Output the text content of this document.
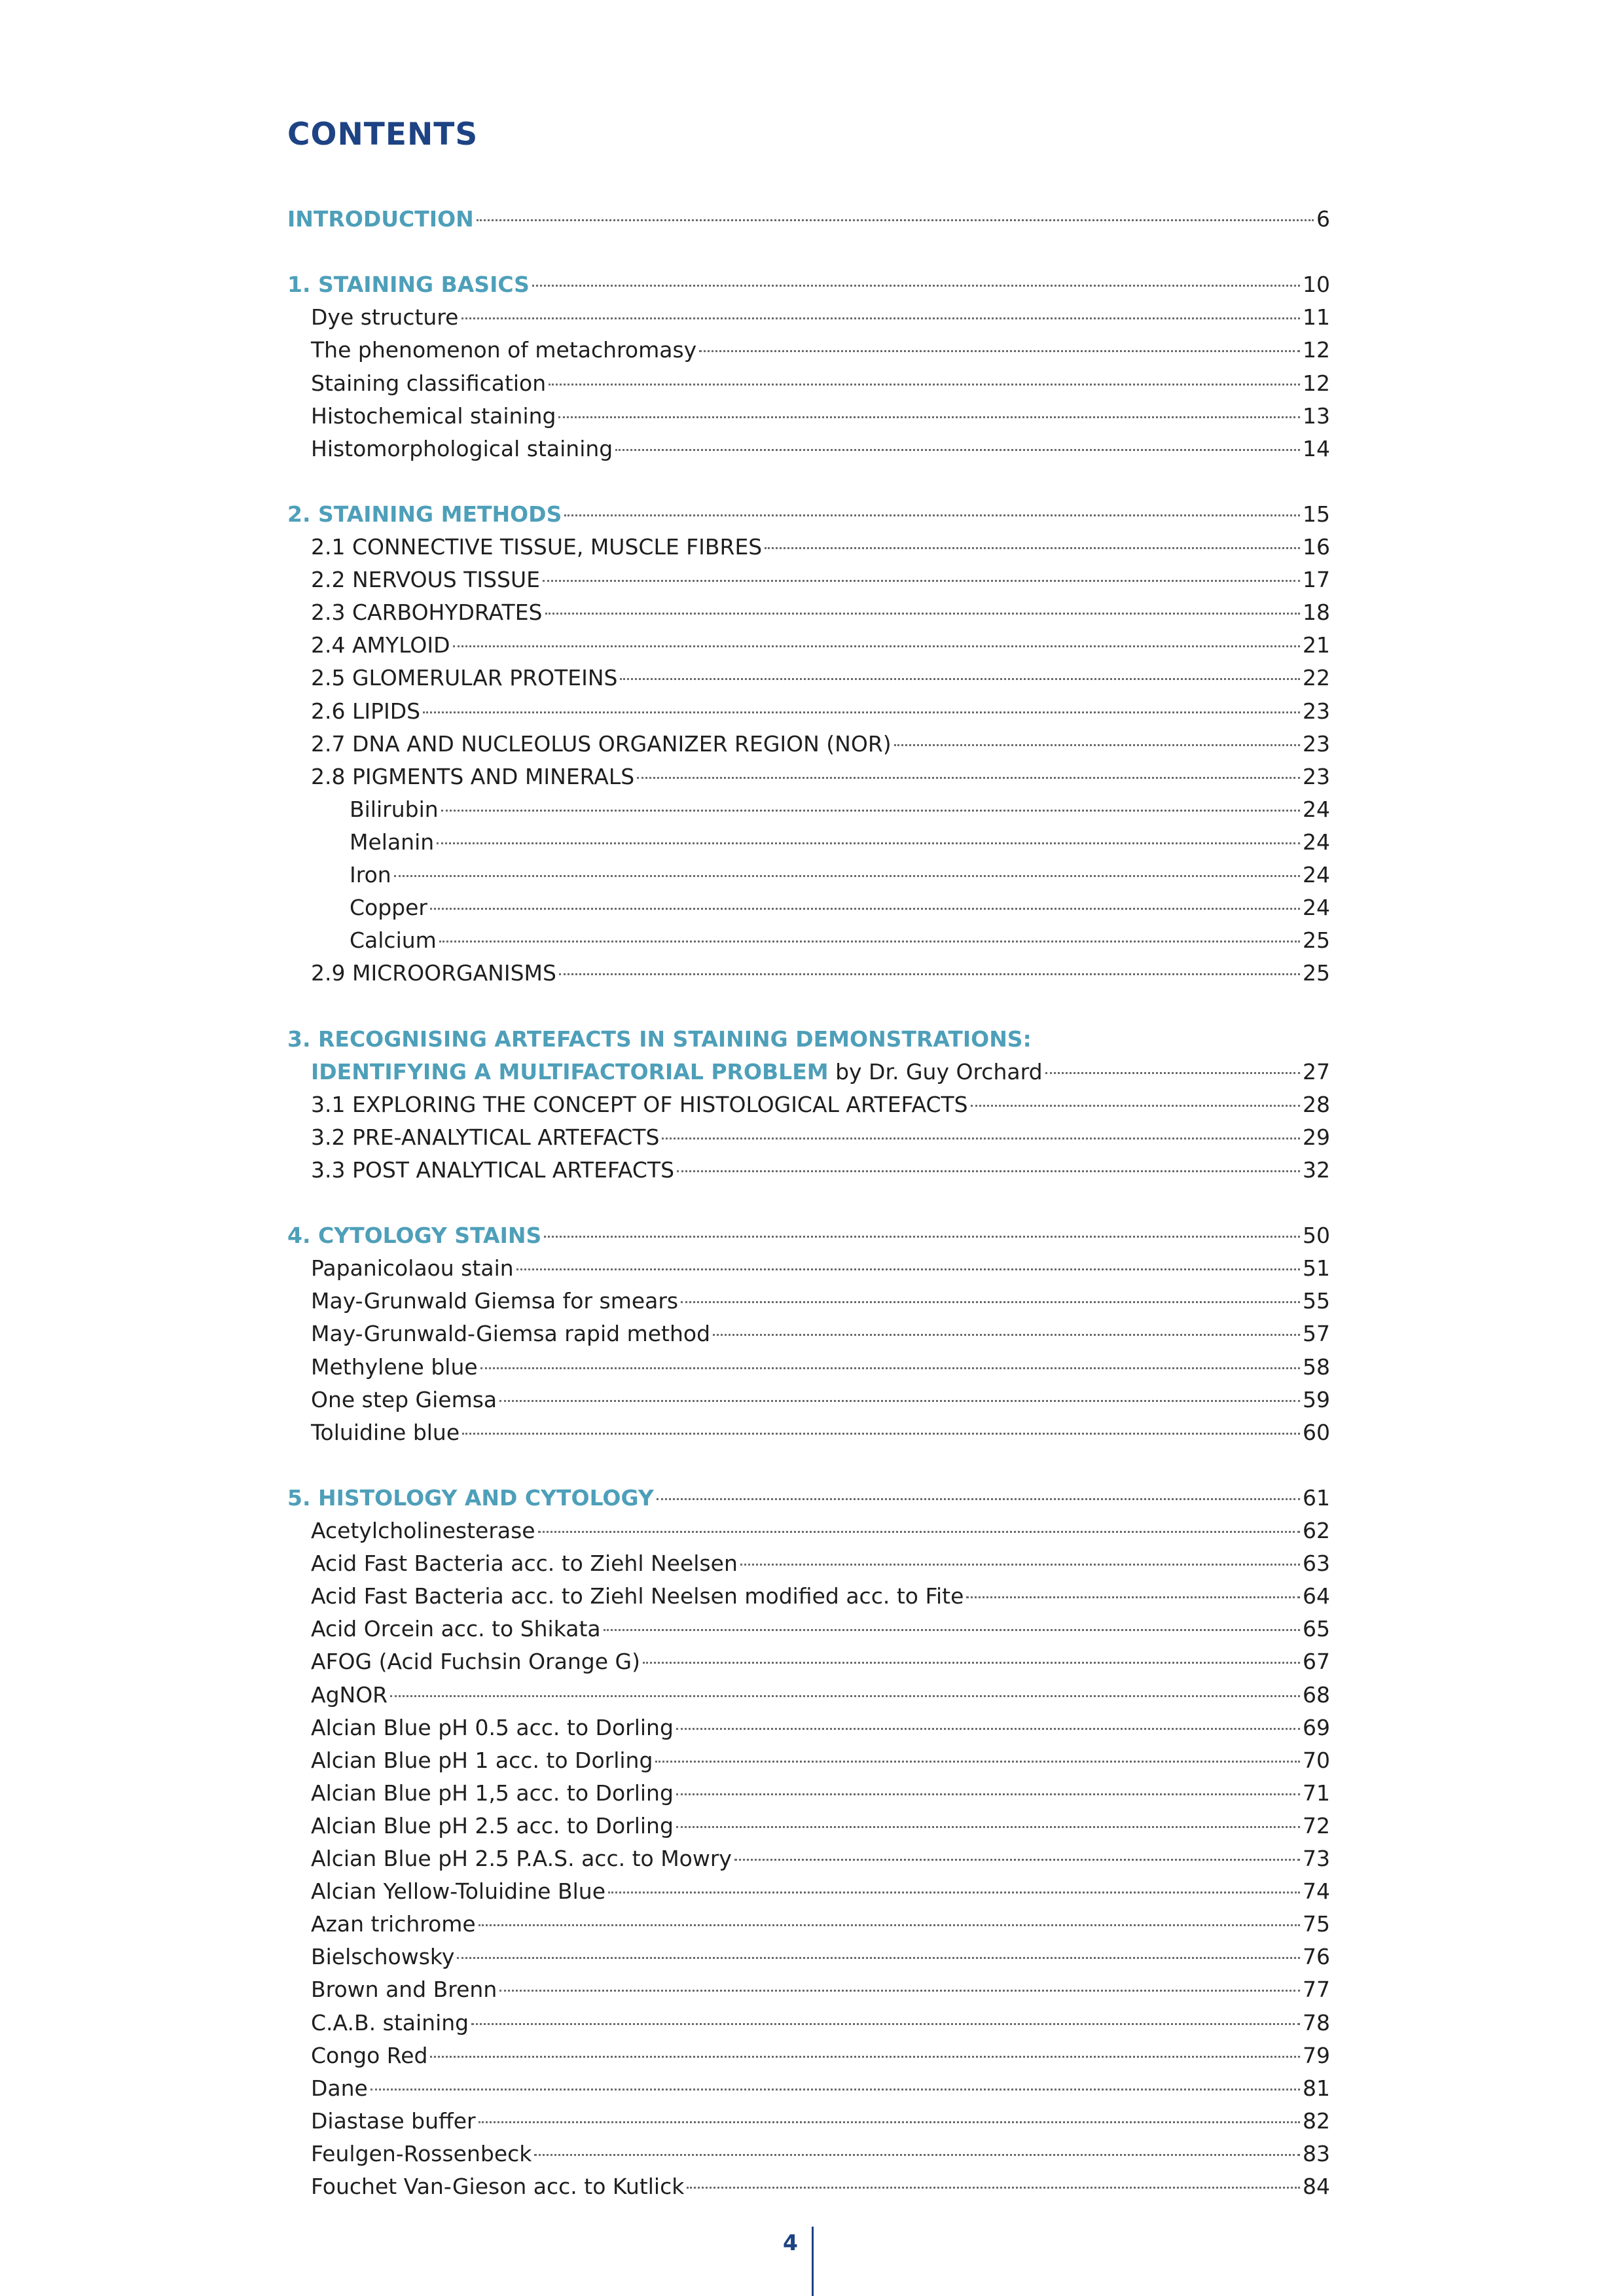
CONTENTS
INTRODUCTION	6
1. STAINING BASICS	10
Dye structure	11
The phenomenon of metachromasy	12
Staining classification	12
Histochemical staining	13
Histomorphological staining	14
2. STAINING METHODS	15
2.1 CONNECTIVE TISSUE, MUSCLE FIBRES	16
2.2 NERVOUS TISSUE	17
2.3 CARBOHYDRATES	18
2.4 AMYLOID	21
2.5 GLOMERULAR PROTEINS	22
2.6 LIPIDS	23
2.7 DNA AND NUCLEOLUS ORGANIZER REGION (NOR)	23
2.8 PIGMENTS AND MINERALS	23
Bilirubin	24
Melanin	24
Iron	24
Copper	24
Calcium	25
2.9 MICROORGANISMS	25
3. RECOGNISING ARTEFACTS IN STAINING DEMONSTRATIONS:
IDENTIFYING A MULTIFACTORIAL PROBLEM by Dr. Guy Orchard	27
3.1 EXPLORING THE CONCEPT OF HISTOLOGICAL ARTEFACTS	28
3.2 PRE-ANALYTICAL ARTEFACTS	29
3.3 POST ANALYTICAL ARTEFACTS	32
4. CYTOLOGY STAINS	50
Papanicolaou stain	51
May-Grunwald Giemsa for smears	55
May-Grunwald-Giemsa rapid method	57
Methylene blue	58
One step Giemsa	59
Toluidine blue	60
5. HISTOLOGY AND CYTOLOGY	61
Acetylcholinesterase	62
Acid Fast Bacteria acc. to Ziehl Neelsen	63
Acid Fast Bacteria acc. to Ziehl Neelsen modified acc. to Fite	64
Acid Orcein acc. to Shikata	65
AFOG (Acid Fuchsin Orange G)	67
AgNOR	68
Alcian Blue pH 0.5 acc. to Dorling	69
Alcian Blue pH 1 acc. to Dorling	70
Alcian Blue pH 1,5 acc. to Dorling	71
Alcian Blue pH 2.5 acc. to Dorling	72
Alcian Blue pH 2.5 P.A.S. acc. to Mowry	73
Alcian Yellow-Toluidine Blue	74
Azan trichrome	75
Bielschowsky	76
Brown and Brenn	77
C.A.B. staining	78
Congo Red	79
Dane	81
Diastase buffer	82
Feulgen-Rossenbeck	83
Fouchet Van-Gieson acc. to Kutlick	84
4
